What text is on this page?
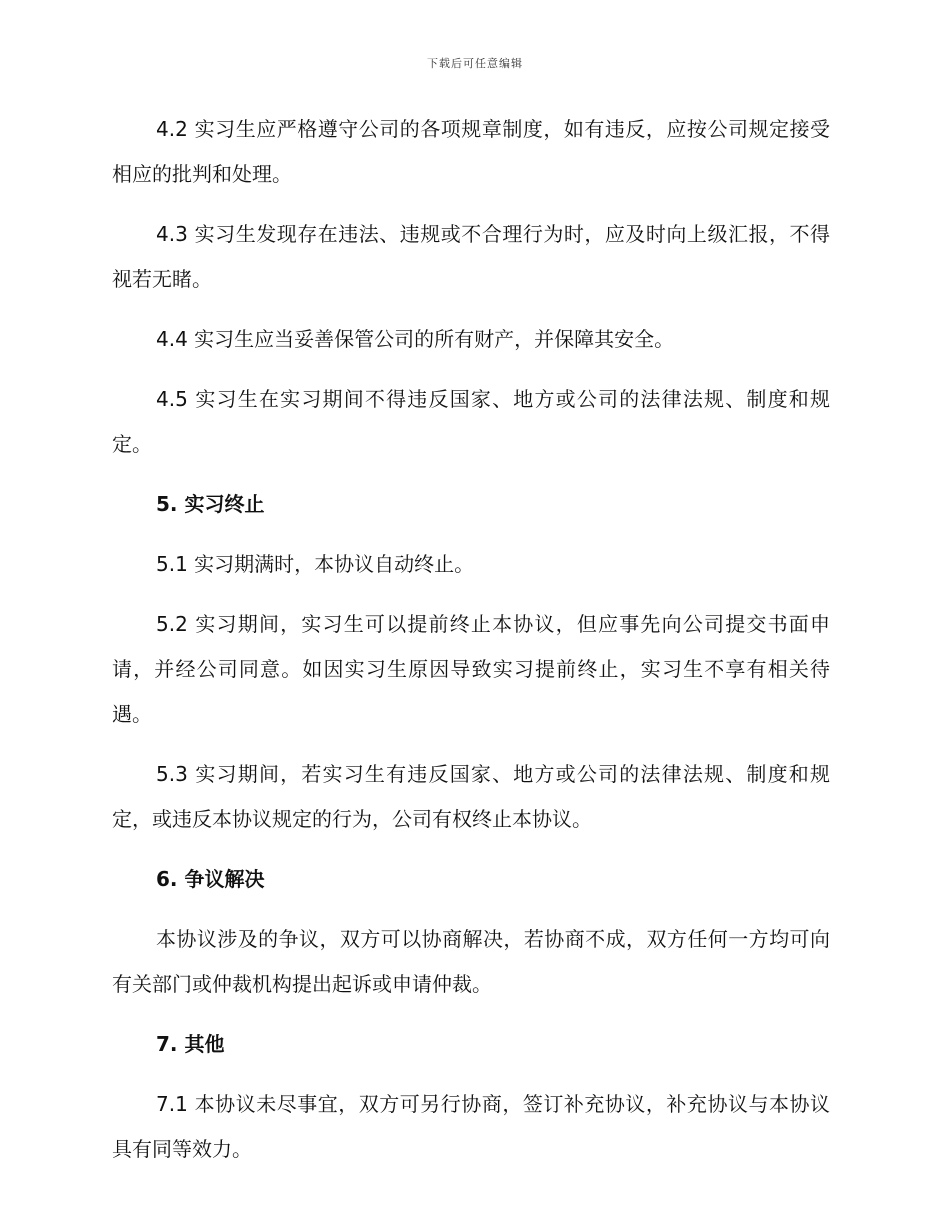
下载后可任意编辑

4.2 实习生应严格遵守公司的各项规章制度，如有违反，应按公司规定接受相应的批判和处理。

4.3 实习生发现存在违法、违规或不合理行为时，应及时向上级汇报，不得视若无睹。

4.4 实习生应当妥善保管公司的所有财产，并保障其安全。

4.5 实习生在实习期间不得违反国家、地方或公司的法律法规、制度和规定。

5. 实习终止

5.1 实习期满时，本协议自动终止。

5.2 实习期间，实习生可以提前终止本协议，但应事先向公司提交书面申请，并经公司同意。如因实习生原因导致实习提前终止，实习生不享有相关待遇。

5.3 实习期间，若实习生有违反国家、地方或公司的法律法规、制度和规定，或违反本协议规定的行为，公司有权终止本协议。

6. 争议解决

本协议涉及的争议，双方可以协商解决，若协商不成，双方任何一方均可向有关部门或仲裁机构提出起诉或申请仲裁。

7. 其他

7.1 本协议未尽事宜，双方可另行协商，签订补充协议，补充协议与本协议具有同等效力。
